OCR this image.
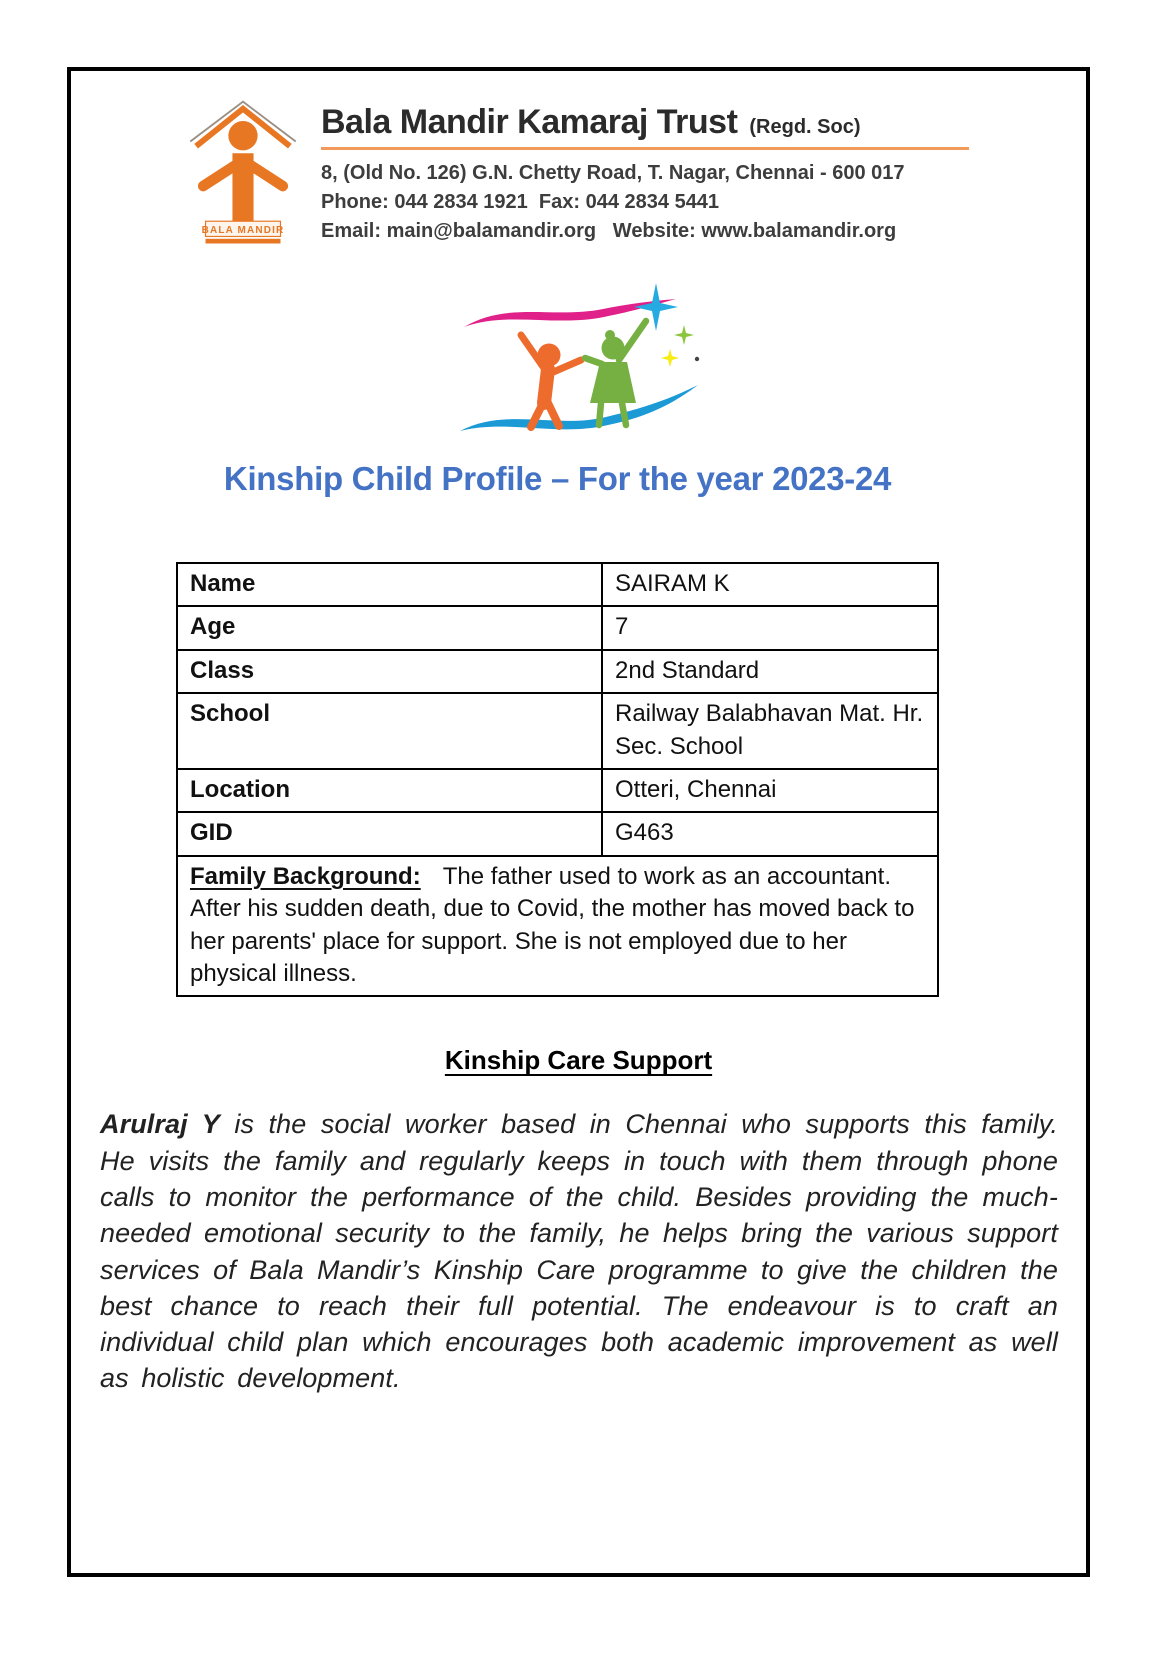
BALA MANDIR
Bala Mandir Kamaraj Trust (Regd. Soc)
8, (Old No. 126) G.N. Chetty Road, T. Nagar, Chennai - 600 017
Phone: 044 2834 1921  Fax: 044 2834 5441
Email: main@balamandir.org   Website: www.balamandir.org
Kinship Child Profile – For the year 2023-24
Name	SAIRAM K
Age	7
Class	2nd Standard
School	Railway Balabhavan Mat. Hr. Sec. School
Location	Otteri, Chennai
GID	G463
Family Background: The father used to work as an accountant. After his sudden death, due to Covid, the mother has moved back to her parents' place for support. She is not employed due to her physical illness.	
Kinship Care Support

Arulraj Y is the social worker based in Chennai who supports this family. He visits the family and regularly keeps in touch with them through phone calls to monitor the performance of the child. Besides providing the much-needed emotional security to the family, he helps bring the various support services of Bala Mandir’s Kinship Care programme to give the children the best chance to reach their full potential. The endeavour is to craft an individual child plan which encourages both academic improvement as well as holistic development.
